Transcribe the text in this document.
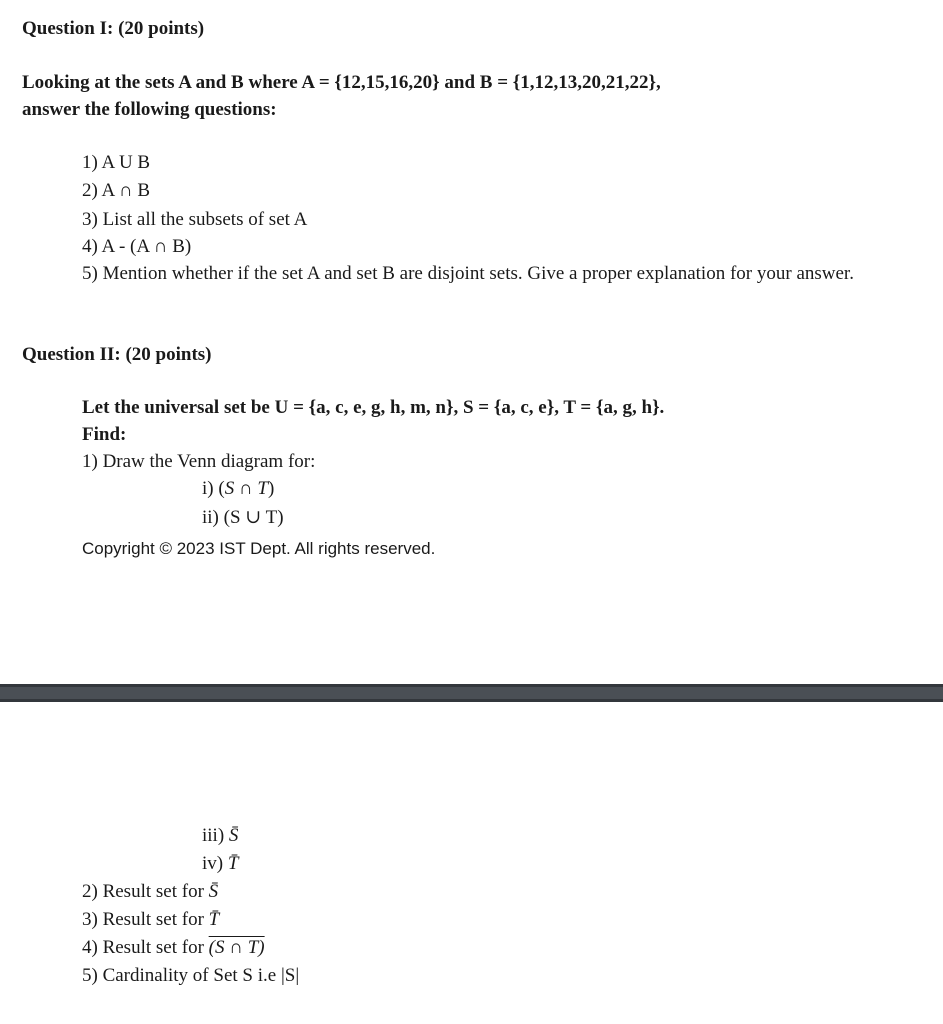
Question I: (20 points)
Looking at the sets A and B where A = {12,15,16,20} and B = {1,12,13,20,21,22},
answer the following questions:
1) A U B
2) A ∩ B
3) List all the subsets of set A
4) A - (A ∩ B)
5) Mention whether if the set A and set B are disjoint sets. Give a proper explanation for your answer.
Question II: (20 points)
Let the universal set be U = {a, c, e, g, h, m, n}, S = {a, c, e}, T = {a, g, h}.
Find:
1) Draw the Venn diagram for:
i) (S ∩ T)
ii) (S ∪ T)
Copyright © 2023 IST Dept. All rights reserved.
iii) S̄
iv) T̄
2) Result set for S̄
3) Result set for T̄
4) Result set for (S ∩ T)
5) Cardinality of Set S i.e |S|
